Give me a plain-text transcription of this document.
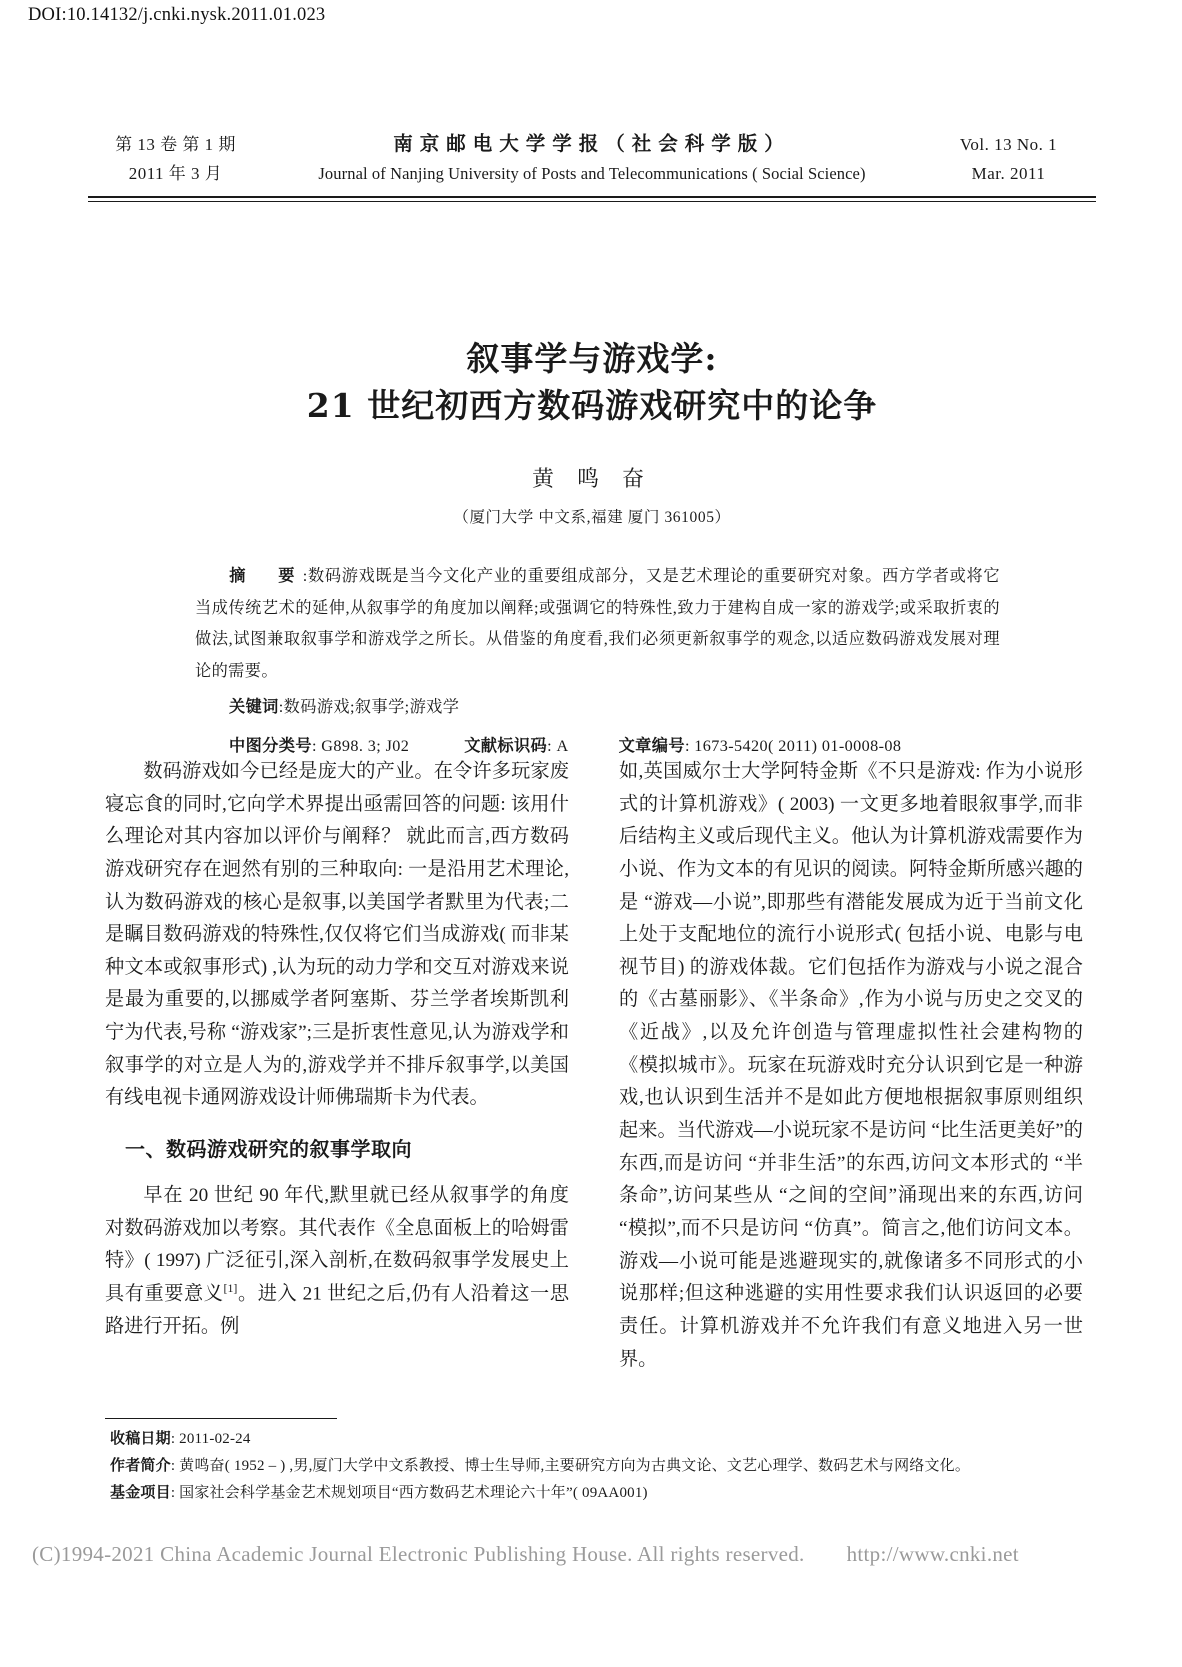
DOI:10.14132/j.cnki.nysk.2011.01.023
第 13 卷 第 1 期	南京邮电大学学报（社会科学版）	Vol. 13 No. 1
2011 年 3 月	Journal of Nanjing University of Posts and Telecommunications ( Social Science)	Mar. 2011
叙事学与游戏学:
21 世纪初西方数码游戏研究中的论争
黄 鸣 奋
（厦门大学 中文系,福建 厦门 361005）
摘　要:数码游戏既是当今文化产业的重要组成部分，又是艺术理论的重要研究对象。西方学者或将它当成传统艺术的延伸,从叙事学的角度加以阐释;或强调它的特殊性,致力于建构自成一家的游戏学;或采取折衷的做法,试图兼取叙事学和游戏学之所长。从借鉴的角度看,我们必须更新叙事学的观念,以适应数码游戏发展对理论的需要。
关键词:数码游戏;叙事学;游戏学
中图分类号: G898. 3; J02	文献标识码: A	文章编号: 1673-5420( 2011) 01-0008-08

数码游戏如今已经是庞大的产业。在令许多玩家废寝忘食的同时,它向学术界提出亟需回答的问题: 该用什么理论对其内容加以评价与阐释？ 就此而言,西方数码游戏研究存在迥然有别的三种取向: 一是沿用艺术理论,认为数码游戏的核心是叙事,以美国学者默里为代表;二是瞩目数码游戏的特殊性,仅仅将它们当成游戏( 而非某种文本或叙事形式) ,认为玩的动力学和交互对游戏来说是最为重要的,以挪威学者阿塞斯、芬兰学者埃斯凯利宁为代表,号称 “游戏家”;三是折衷性意见,认为游戏学和叙事学的对立是人为的,游戏学并不排斥叙事学,以美国有线电视卡通网游戏设计师佛瑞斯卡为代表。

一、数码游戏研究的叙事学取向

早在 20 世纪 90 年代,默里就已经从叙事学的角度对数码游戏加以考察。其代表作《全息面板上的哈姆雷特》( 1997) 广泛征引,深入剖析,在数码叙事学发展史上具有重要意义[1]。进入 21 世纪之后,仍有人沿着这一思路进行开拓。例

如,英国威尔士大学阿特金斯《不只是游戏: 作为小说形式的计算机游戏》( 2003) 一文更多地着眼叙事学,而非后结构主义或后现代主义。他认为计算机游戏需要作为小说、作为文本的有见识的阅读。阿特金斯所感兴趣的是 “游戏—小说”,即那些有潜能发展成为近于当前文化上处于支配地位的流行小说形式( 包括小说、电影与电视节目) 的游戏体裁。它们包括作为游戏与小说之混合的《古墓丽影》、《半条命》,作为小说与历史之交叉的《近战》,以及允许创造与管理虚拟性社会建构物的《模拟城市》。玩家在玩游戏时充分认识到它是一种游戏,也认识到生活并不是如此方便地根据叙事原则组织起来。当代游戏—小说玩家不是访问 “比生活更美好”的东西,而是访问 “并非生活”的东西,访问文本形式的 “半条命”,访问某些从 “之间的空间”涌现出来的东西,访问 “模拟”,而不只是访问 “仿真”。简言之,他们访问文本。游戏—小说可能是逃避现实的,就像诸多不同形式的小说那样;但这种逃避的实用性要求我们认识返回的必要责任。计算机游戏并不允许我们有意义地进入另一世界。

收稿日期: 2011-02-24
作者简介: 黄鸣奋( 1952 – ) ,男,厦门大学中文系教授、博士生导师,主要研究方向为古典文论、文艺心理学、数码艺术与网络文化。
基金项目: 国家社会科学基金艺术规划项目“西方数码艺术理论六十年”( 09AA001)
(C)1994-2021 China Academic Journal Electronic Publishing House. All rights reserved. http://www.cnki.net
